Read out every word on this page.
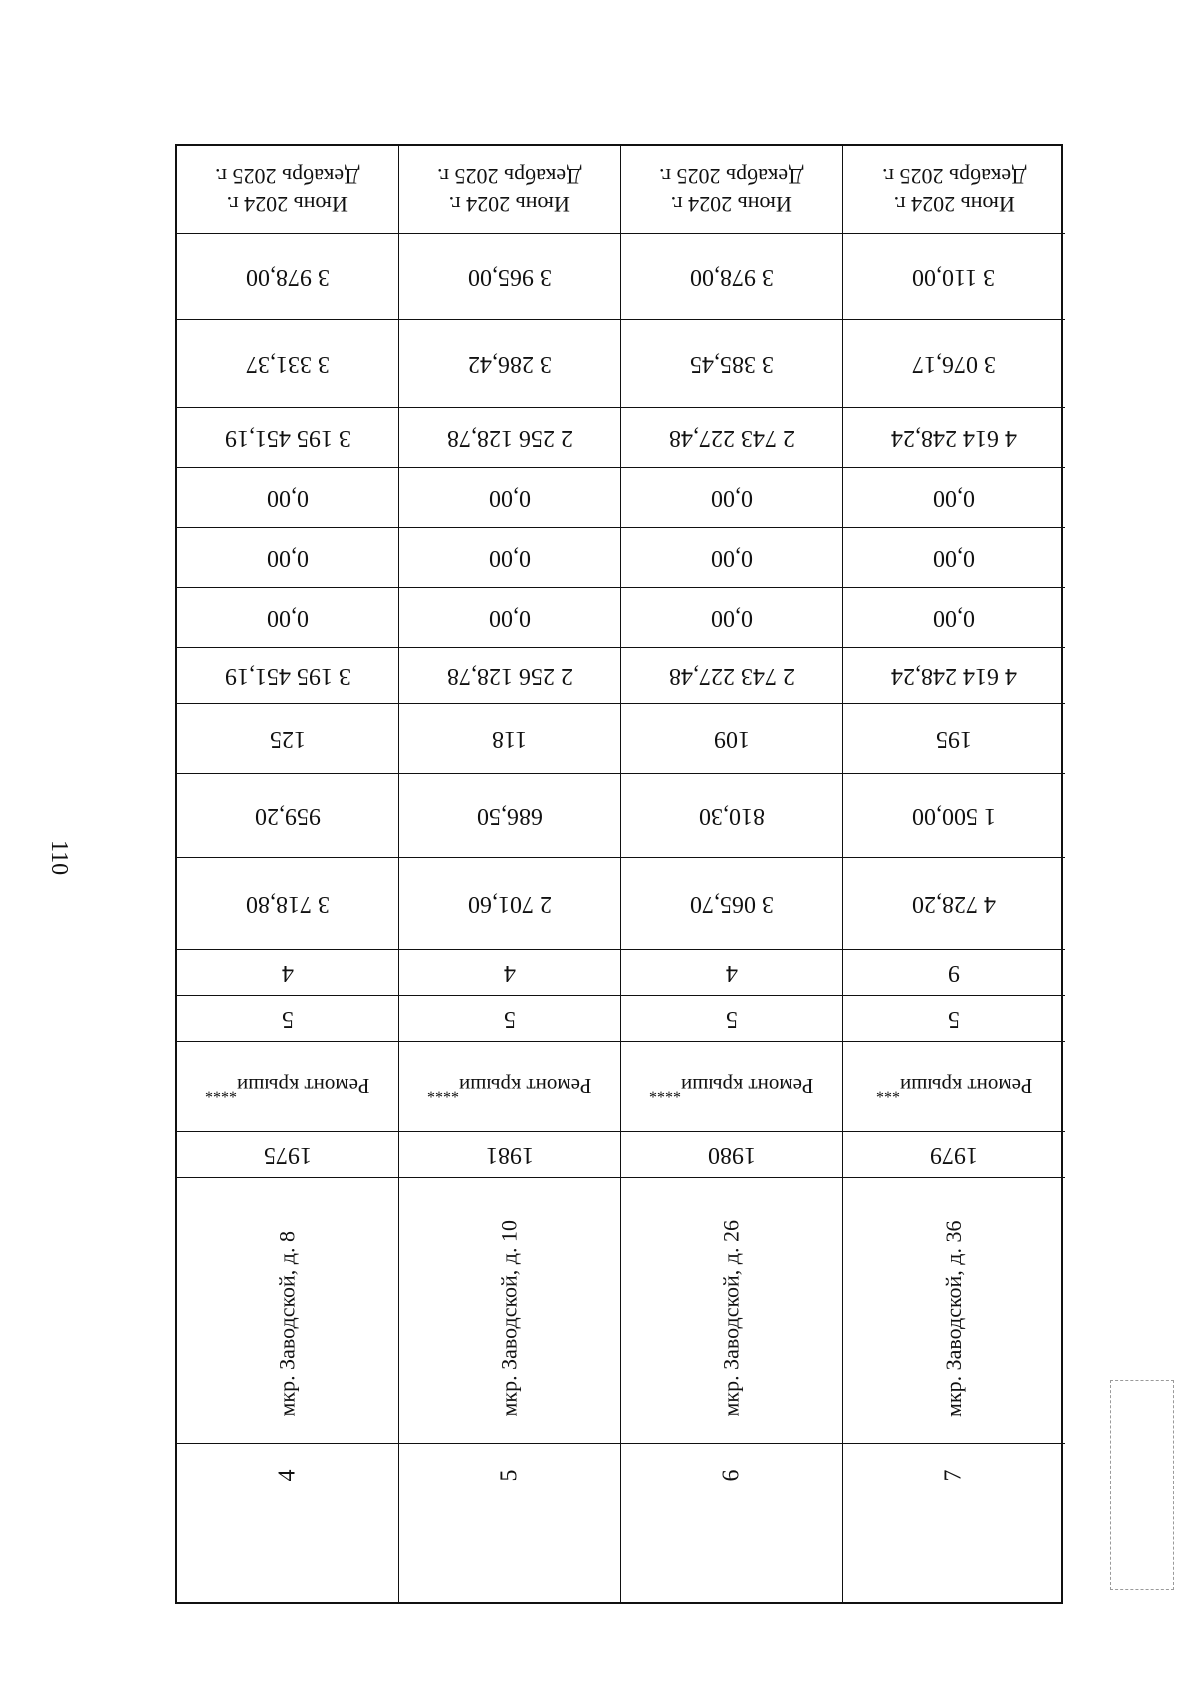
110
Июнь 2024 г.
Декабрь 2025 г.
3 978,00
3 331,37
3 195 451,19
0,00
0,00
0,00
3 195 451,19
125
959,20
3 718,80
4
5
Ремонт крыши****
1975
мкр. Заводской, д. 8
4
Июнь 2024 г.
Декабрь 2025 г.
3 965,00
3 286,42
2 256 128,78
0,00
0,00
0,00
2 256 128,78
118
686,50
2 701,60
4
5
Ремонт крыши****
1981
мкр. Заводской, д. 10
5
Июнь 2024 г.
Декабрь 2025 г.
3 978,00
3 385,45
2 743 227,48
0,00
0,00
0,00
2 743 227,48
109
810,30
3 065,70
4
5
Ремонт крыши****
1980
мкр. Заводской, д. 26
6
Июнь 2024 г.
Декабрь 2025 г.
3 110,00
3 076,17
4 614 248,24
0,00
0,00
0,00
4 614 248,24
195
1 500,00
4 728,20
9
5
Ремонт крыши***
1979
мкр. Заводской, д. 36
7
